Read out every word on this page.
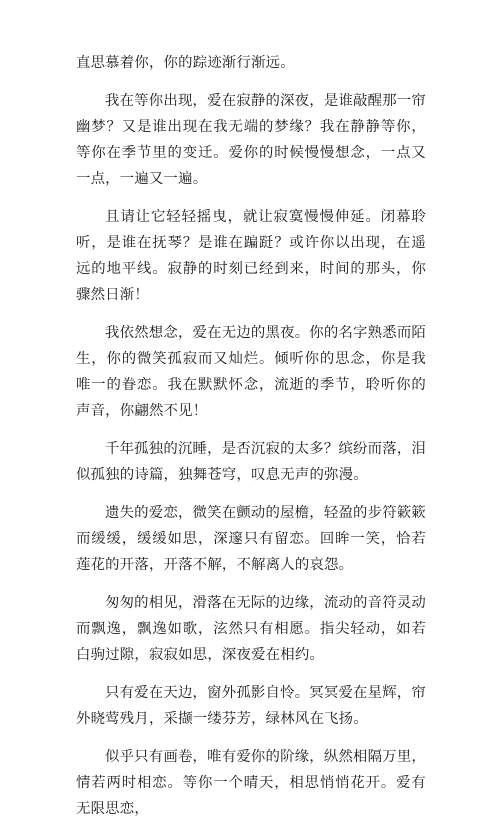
直思慕着你，你的踪迹渐行渐远。

我在等你出现，爱在寂静的深夜，是谁敲醒那一帘幽梦？又是谁出现在我无端的梦缘？我在静静等你，等你在季节里的变迁。爱你的时候慢慢想念，一点又一点，一遍又一遍。

且请让它轻轻摇曳，就让寂寞慢慢伸延。闭幕聆听，是谁在抚琴？是谁在蹁跹？或许你以出现，在遥远的地平线。寂静的时刻已经到来，时间的那头，你骤然日渐！

我依然想念，爱在无边的黑夜。你的名字熟悉而陌生，你的微笑孤寂而又灿烂。倾听你的思念，你是我唯一的眷恋。我在默默怀念，流逝的季节，聆听你的声音，你翩然不见！

千年孤独的沉睡，是否沉寂的太多？缤纷而落，泪似孤独的诗篇，独舞苍穹，叹息无声的弥漫。

遗失的爱恋，微笑在颤动的屋檐，轻盈的步符簌簌而缓缓，缓缓如思，深邃只有留恋。回眸一笑，恰若莲花的开落，开落不解，不解离人的哀怨。

匆匆的相见，滑落在无际的边缘，流动的音符灵动而飘逸，飘逸如歌，泫然只有相愿。指尖轻动，如若白驹过隙，寂寂如思，深夜爱在相约。

只有爱在天边，窗外孤影自怜。冥冥爱在星辉，帘外晓莺残月，采撷一缕芬芳，绿林风在飞扬。

似乎只有画卷，唯有爱你的阶缘，纵然相隔万里，情若两时相恋。等你一个晴天，相思悄悄花开。爱有无限思恋，
